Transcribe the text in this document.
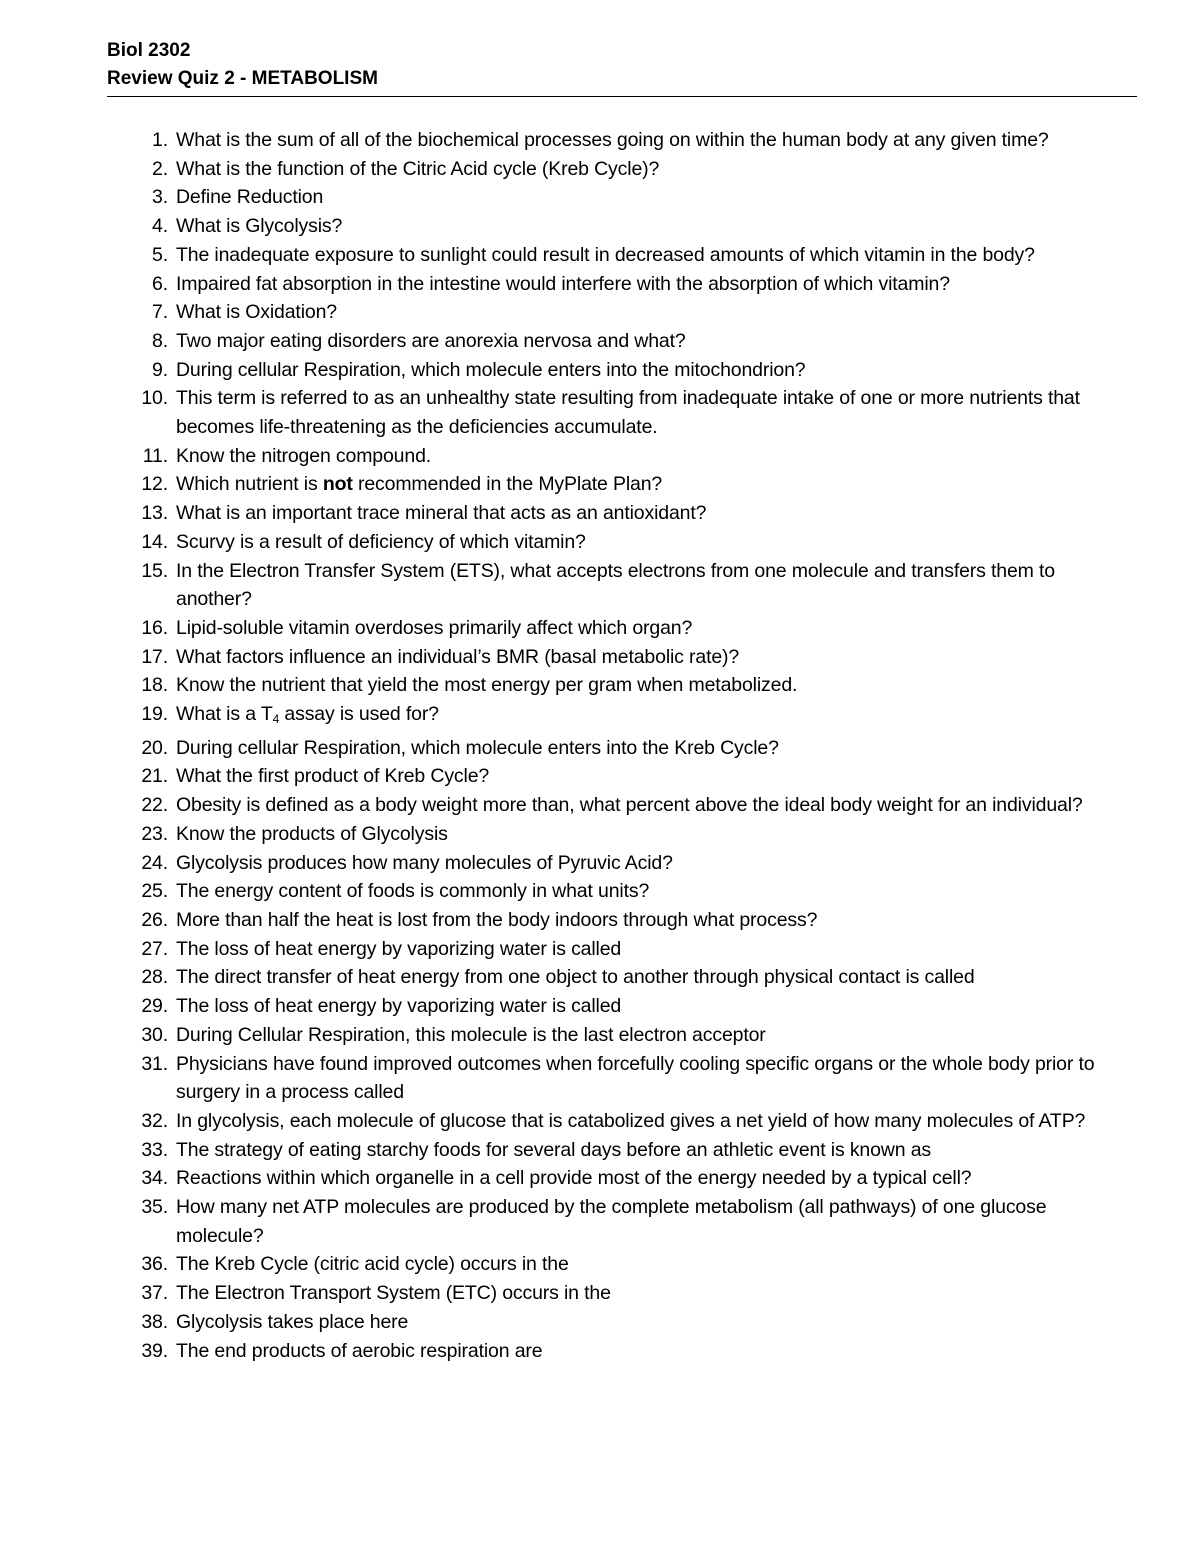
Biol 2302
Review Quiz 2 - METABOLISM
1. What is the sum of all of the biochemical processes going on within the human body at any given time?
2. What is the function of the Citric Acid cycle (Kreb Cycle)?
3. Define Reduction
4. What is Glycolysis?
5. The inadequate exposure to sunlight could result in decreased amounts of which vitamin in the body?
6. Impaired fat absorption in the intestine would interfere with the absorption of which vitamin?
7. What is Oxidation?
8. Two major eating disorders are anorexia nervosa and what?
9. During cellular Respiration, which molecule enters into the mitochondrion?
10. This term is referred to as an unhealthy state resulting from inadequate intake of one or more nutrients that becomes life-threatening as the deficiencies accumulate.
11. Know the nitrogen compound.
12. Which nutrient is not recommended in the MyPlate Plan?
13. What is an important trace mineral that acts as an antioxidant?
14. Scurvy is a result of deficiency of which vitamin?
15. In the Electron Transfer System (ETS), what accepts electrons from one molecule and transfers them to another?
16. Lipid-soluble vitamin overdoses primarily affect which organ?
17. What factors influence an individual’s BMR (basal metabolic rate)?
18. Know the nutrient that yield the most energy per gram when metabolized.
19. What is a T4 assay is used for?
20. During cellular Respiration, which molecule enters into the Kreb Cycle?
21. What the first product of Kreb Cycle?
22. Obesity is defined as a body weight more than, what percent above the ideal body weight for an individual?
23. Know the products of Glycolysis
24. Glycolysis produces how many molecules of Pyruvic Acid?
25. The energy content of foods is commonly in what units?
26. More than half the heat is lost from the body indoors through what process?
27. The loss of heat energy by vaporizing water is called
28. The direct transfer of heat energy from one object to another through physical contact is called
29. The loss of heat energy by vaporizing water is called
30. During Cellular Respiration, this molecule is the last electron acceptor
31. Physicians have found improved outcomes when forcefully cooling specific organs or the whole body prior to surgery in a process called
32. In glycolysis, each molecule of glucose that is catabolized gives a net yield of how many molecules of ATP?
33. The strategy of eating starchy foods for several days before an athletic event is known as
34. Reactions within which organelle in a cell provide most of the energy needed by a typical cell?
35. How many net ATP molecules are produced by the complete metabolism (all pathways) of one glucose molecule?
36. The Kreb Cycle (citric acid cycle) occurs in the
37. The Electron Transport System (ETC) occurs in the
38. Glycolysis takes place here
39. The end products of aerobic respiration are
